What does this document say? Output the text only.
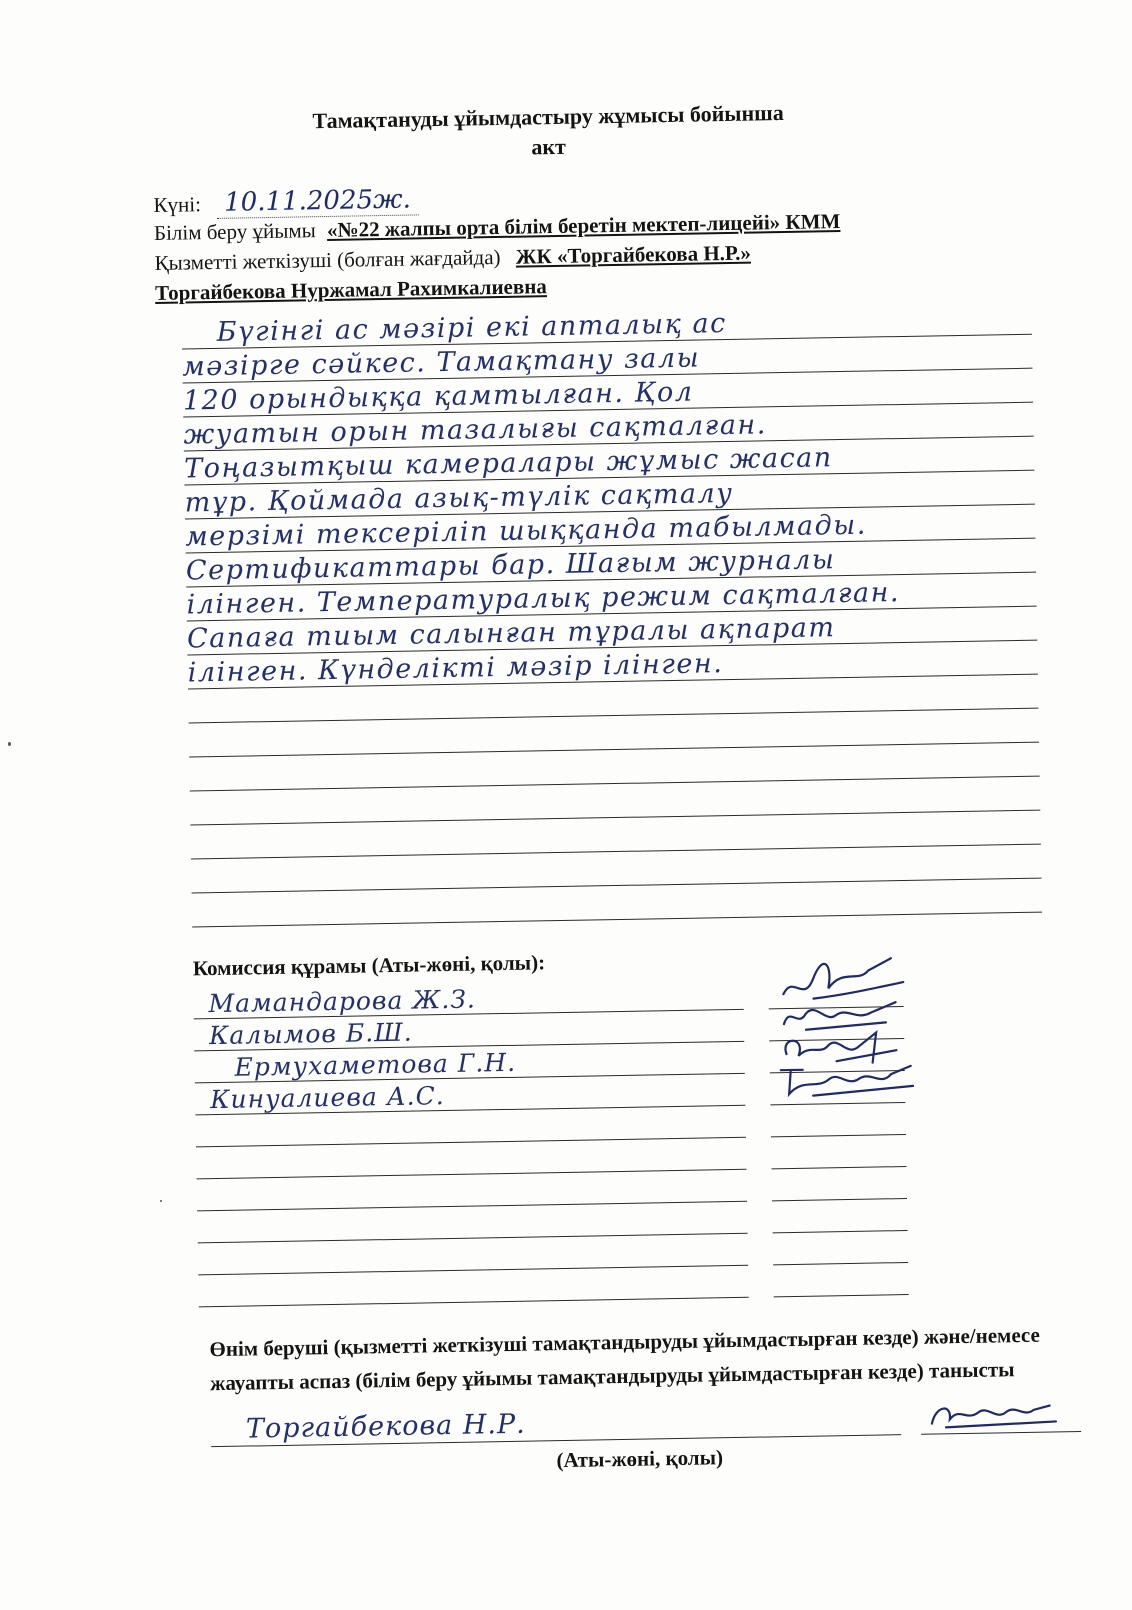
Тамақтануды ұйымдастыру жұмысы бойынша
акт
Күні: 10.11.2025ж.
Білім беру ұйымы «№22 жалпы орта білім беретін мектеп-лицейі» КММ
Қызметті жеткізуші (болған жағдайда) ЖК «Торгайбекова Н.Р.»
Торгайбекова Нуржамал Рахимкалиевна
Бүгінгі ас мәзірі екі апталық ас
мәзірге сәйкес. Тамақтану залы
120 орындыққа қамтылған. Қол
жуатын орын тазалығы сақталған.
Тоңазытқыш камералары жұмыс жасап
тұр. Қоймада азық-түлік сақталу
мерзімі тексеріліп шыққанда табылмады.
Сертификаттары бар. Шағым журналы
ілінген. Температуралық режим сақталған.
Сапаға тиым салынған тұралы ақпарат
ілінген. Күнделікті мәзір ілінген.
Комиссия құрамы (Аты-жөні, қолы):
Мамандарова Ж.З.
Калымов Б.Ш.
Ермухаметова Г.Н.
Кинуалиева А.С.
Өнім беруші (қызметті жеткізуші тамақтандыруды ұйымдастырған кезде) және/немесе жауапты аспаз (білім беру ұйымы тамақтандыруды ұйымдастырған кезде) танысты
Торгайбекова Н.Р.
(Аты-жөні, қолы)
